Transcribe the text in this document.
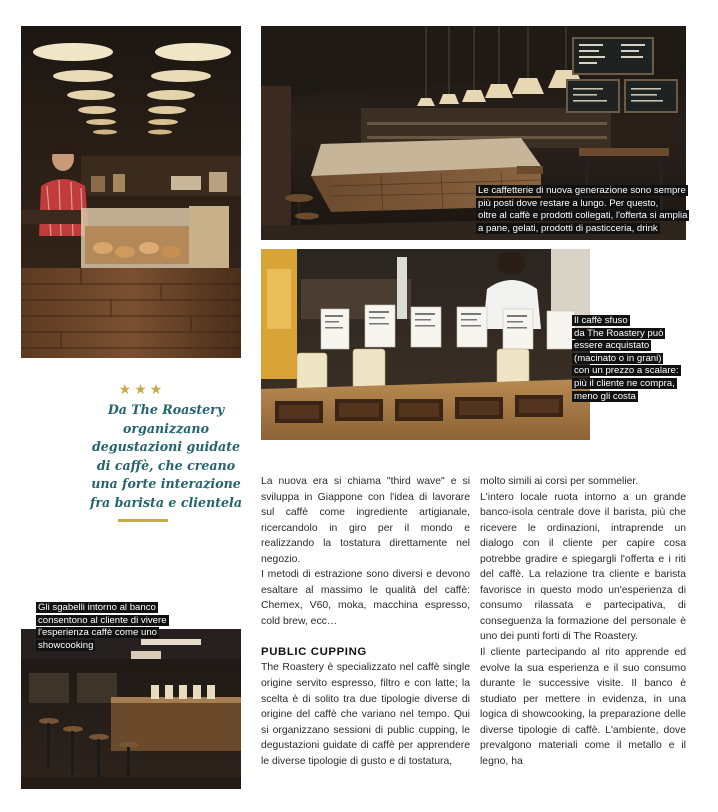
Le caffetterie di nuova generazione sono sempre
più posti dove restare a lungo. Per questo,
oltre al caffè e prodotti collegati, l'offerta si amplia
a pane, gelati, prodotti di pasticceria, drink
Il caffè sfuso
da The Roastery può
essere acquistato
(macinato o in grani)
con un prezzo a scalare:
più il cliente ne compra,
meno gli costa
★★★
Da The Roastery organizzano degustazioni guidate di caffè, che creano una forte interazione fra barista e clientela
Gli sgabelli intorno al banco
consentono al cliente di vivere
l'esperienza caffè come uno
showcooking

La nuova era si chiama "third wave" e si sviluppa in Giappone con l'idea di lavorare sul caffè come ingrediente artigianale, ricercandolo in giro per il mondo e realizzando la tostatura direttamente nel negozio.

I metodi di estrazione sono diversi e devono esaltare al massimo le qualità del caffè: Chemex, V60, moka, macchina espresso, cold brew, ecc…

PUBLIC CUPPING

The Roastery è specializzato nel caffè single origine servito espresso, filtro e con latte; la scelta è di solito tra due tipologie diverse di origine del caffè che variano nel tempo. Qui si organizzano sessioni di public cupping, le degustazioni guidate di caffè per apprendere le diverse tipologie di gusto e di tostatura,

molto simili ai corsi per sommelier.

L'intero locale ruota intorno a un grande banco-isola centrale dove il barista, più che ricevere le ordinazioni, intraprende un dialogo con il cliente per capire cosa potrebbe gradire e spiegargli l'offerta e i riti del caffè. La relazione tra cliente e barista favorisce in questo modo un'esperienza di consumo rilassata e partecipativa, di conseguenza la formazione del personale è uno dei punti forti di The Roastery.

Il cliente partecipando al rito apprende ed evolve la sua esperienza e il suo consumo durante le successive visite. Il banco è studiato per mettere in evidenza, in una logica di showcooking, la preparazione delle diverse tipologie di caffè. L'ambiente, dove prevalgono materiali come il metallo e il legno, ha
